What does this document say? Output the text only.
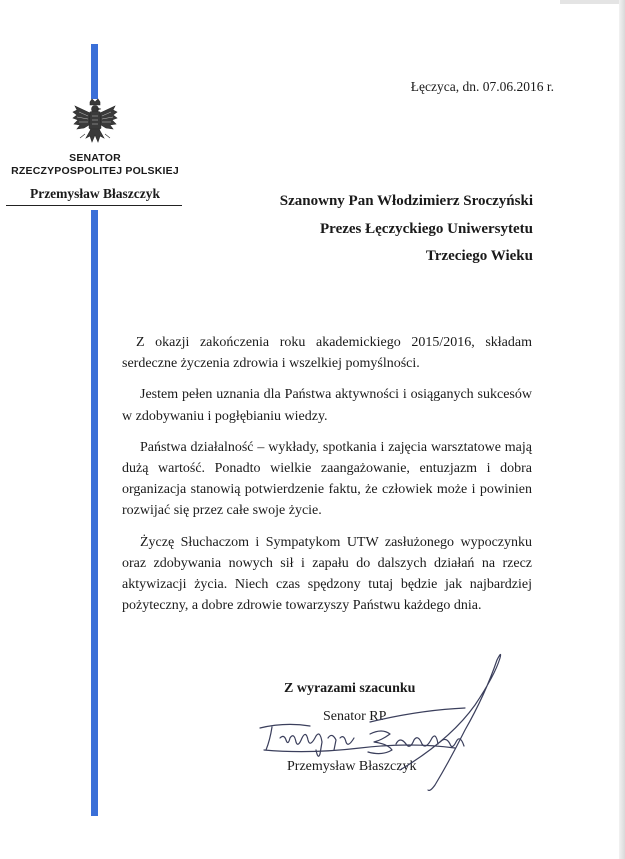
SENATOR
RZECZYPOSPOLITEJ POLSKIEJ
Przemysław Błaszczyk
Łęczyca, dn. 07.06.2016 r.
Szanowny Pan Włodzimierz Sroczyński
Prezes Łęczyckiego Uniwersytetu
Trzeciego Wieku

Z okazji zakończenia roku akademickiego 2015/2016, składam serdeczne życzenia zdrowia i wszelkiej pomyślności.

Jestem pełen uznania dla Państwa aktywności i osiąganych sukcesów w zdobywaniu i pogłębianiu wiedzy.

Państwa działalność – wykłady, spotkania i zajęcia warsztatowe mają dużą wartość. Ponadto wielkie zaangażowanie, entuzjazm i dobra organizacja stanowią potwierdzenie faktu, że człowiek może i powinien rozwijać się przez całe swoje życie.

Życzę Słuchaczom i Sympatykom UTW zasłużonego wypoczynku oraz zdobywania nowych sił i zapału do dalszych działań na rzecz aktywizacji życia. Niech czas spędzony tutaj będzie jak najbardziej pożyteczny, a dobre zdrowie towarzyszy Państwu każdego dnia.

Z wyrazami szacunku
Senator RP
Przemysław Błaszczyk
